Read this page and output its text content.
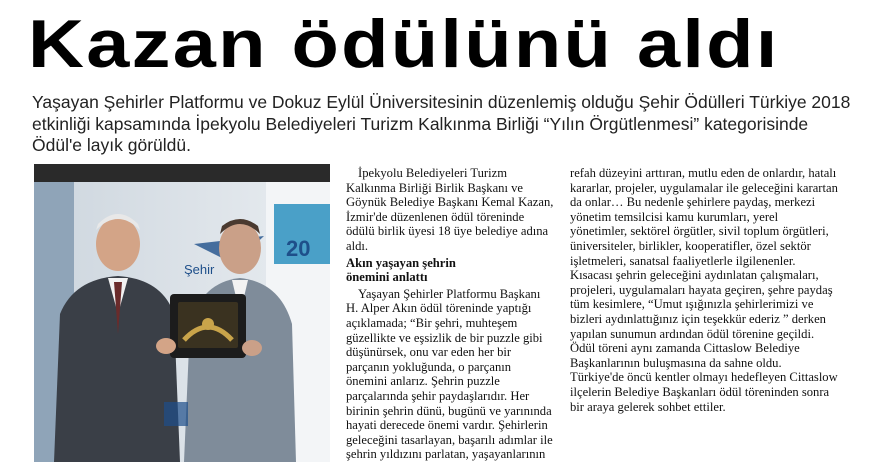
Kazan ödülünü aldı
Yaşayan Şehirler Platformu ve Dokuz Eylül Üniversitesinin düzenlemiş olduğu Şehir Ödülleri Türkiye 2018 etkinliği kapsamında İpekyolu Belediyeleri Turizm Kalkınma Birliği “Yılın Örgütlenmesi” kategorisinde Ödül'e layık görüldü.
20
Şehir

İpekyolu Belediyeleri Turizm Kalkınma Birliği Birlik Başkanı ve Göynük Belediye Başkanı Kemal Kazan, İzmir'de düzenlenen ödül töreninde ödülü birlik üyesi 18 üye belediye adına aldı.

Akın yaşayan şehrin
önemini anlattı

Yaşayan Şehirler Platformu Başkanı H. Alper Akın ödül töreninde yaptığı açıklamada; “Bir şehri, muhteşem güzellikte ve eşsizlik de bir puzzle gibi düşünürsek, onu var eden her bir parçanın yokluğunda, o parçanın önemini anlarız. Şehrin puzzle parçalarında şehir paydaşlarıdır. Her birinin şehrin dünü, bugünü ve yarınında hayati derecede önemi vardır. Şehirlerin geleceğini tasarlayan, başarılı adımlar ile şehrin yıldızını parlatan, yaşayanlarının

refah düzeyini arttıran, mutlu eden de onlardır, hatalı kararlar, projeler, uygulamalar ile geleceğini karartan da onlar… Bu nedenle şehirlere paydaş, merkezi yönetim temsilcisi kamu kurumları, yerel yönetimler, sektörel örgütler, sivil toplum örgütleri, üniversiteler, birlikler, kooperatifler, özel sektör işletmeleri, sanatsal faaliyetlerle ilgilenenler. Kısacası şehrin geleceğini aydınlatan çalışmaları, projeleri, uygulamaları hayata geçiren, şehre paydaş tüm kesimlere, “Umut ışığınızla şehirlerimizi ve bizleri aydınlattığınız için teşekkür ederiz ” derken yapılan sunumun ardından ödül törenine geçildi. Ödül töreni aynı zamanda Cittaslow Belediye Başkanlarının buluşmasına da sahne oldu. Türkiye'de öncü kentler olmayı hedefleyen Cittaslow ilçelerin Belediye Başkanları ödül töreninden sonra bir araya gelerek sohbet ettiler.
